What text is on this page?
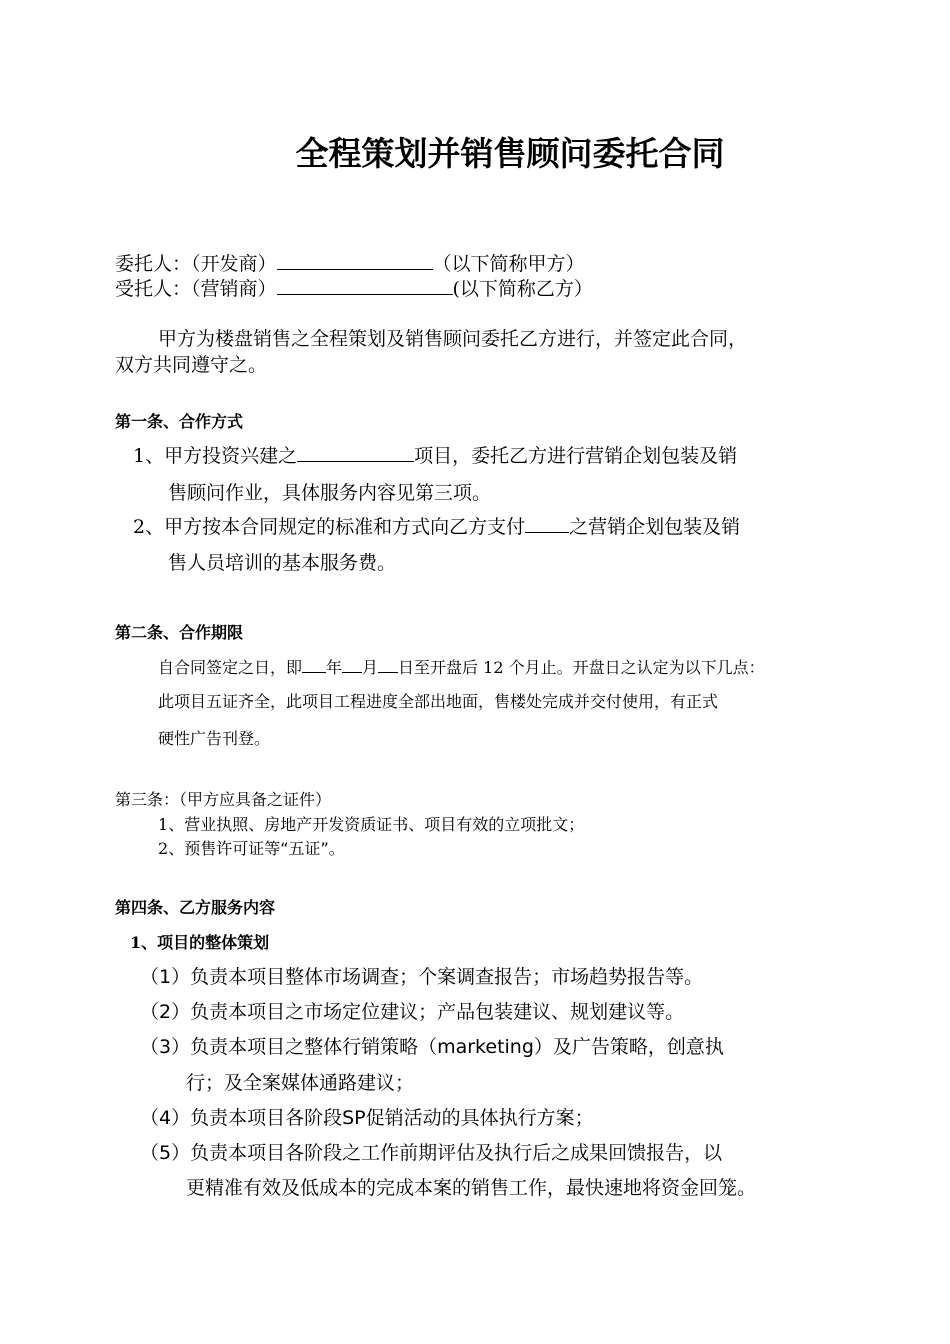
全程策划并销售顾问委托合同
委托人：（开发商）	（以下简称甲方）
受托人：（营销商）	(以下简称乙方）
甲方为楼盘销售之全程策划及销售顾问委托乙方进行，并签定此合同，
双方共同遵守之。
第一条、合作方式
1、甲方投资兴建之	项目，委托乙方进行营销企划包装及销
售顾问作业，具体服务内容见第三项。
2、甲方按本合同规定的标准和方式向乙方支付 之营销企划包装及销
售人员培训的基本服务费。
第二条、合作期限
自合同签定之日，即 年 月 日至开盘后 12 个月止。开盘日之认定为以下几点：
此项目五证齐全，此项目工程进度全部出地面，售楼处完成并交付使用，有正式
硬性广告刊登。
第三条：（甲方应具备之证件）
1、营业执照、房地产开发资质证书、项目有效的立项批文；
2、预售许可证等“五证”。
第四条、乙方服务内容
1、项目的整体策划
（1）负责本项目整体市场调查；个案调查报告；市场趋势报告等。
（2）负责本项目之市场定位建议；产品包装建议、规划建议等。
（3）负责本项目之整体行销策略（marketing）及广告策略，创意执
行；及全案媒体通路建议；
（4）负责本项目各阶段SP促销活动的具体执行方案；
（5）负责本项目各阶段之工作前期评估及执行后之成果回馈报告，以
更精准有效及低成本的完成本案的销售工作，最快速地将资金回笼。
